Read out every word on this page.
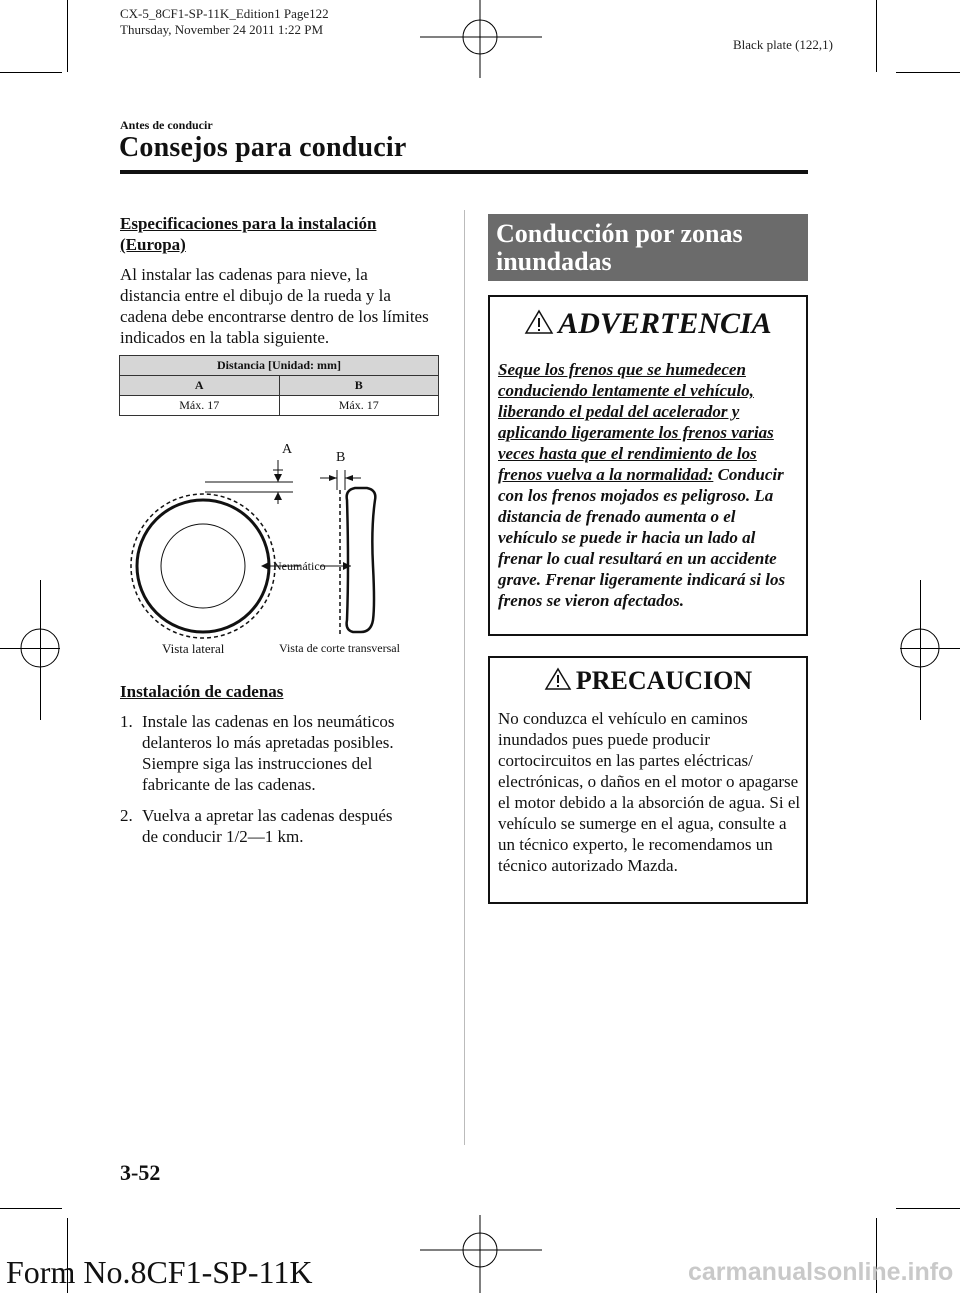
CX-5_8CF1-SP-11K_Edition1 Page122
Thursday, November 24 2011 1:22 PM
Black plate (122,1)
Antes de conducir
Consejos para conducir
Especificaciones para la instalación (Europa)
Al instalar las cadenas para nieve, la distancia entre el dibujo de la rueda y la cadena debe encontrarse dentro de los límites indicados en la tabla siguiente.
Distancia [Unidad: mm]	
A	B
Máx. 17	Máx. 17
A
B
Neumático
Vista lateral	Vista de corte transversal
Instalación de cadenas
1. Instale las cadenas en los neumáticos delanteros lo más apretadas posibles. Siempre siga las instrucciones del fabricante de las cadenas.
2. Vuelva a apretar las cadenas después de conducir 1/2―1 km.
Conducción por zonas inundadas
ADVERTENCIA
Seque los frenos que se humedecen conduciendo lentamente el vehículo, liberando el pedal del acelerador y aplicando ligeramente los frenos varias veces hasta que el rendimiento de los frenos vuelva a la normalidad: Conducir con los frenos mojados es peligroso. La distancia de frenado aumenta o el vehículo se puede ir hacia un lado al frenar lo cual resultará en un accidente grave. Frenar ligeramente indicará si los frenos se vieron afectados.
PRECAUCION
No conduzca el vehículo en caminos inundados pues puede producir cortocircuitos en las partes eléctricas/ electrónicas, o daños en el motor o apagarse el motor debido a la absorción de agua. Si el vehículo se sumerge en el agua, consulte a un técnico experto, le recomendamos un técnico autorizado Mazda.
3-52
Form No.8CF1-SP-11K	carmanualsonline.info
